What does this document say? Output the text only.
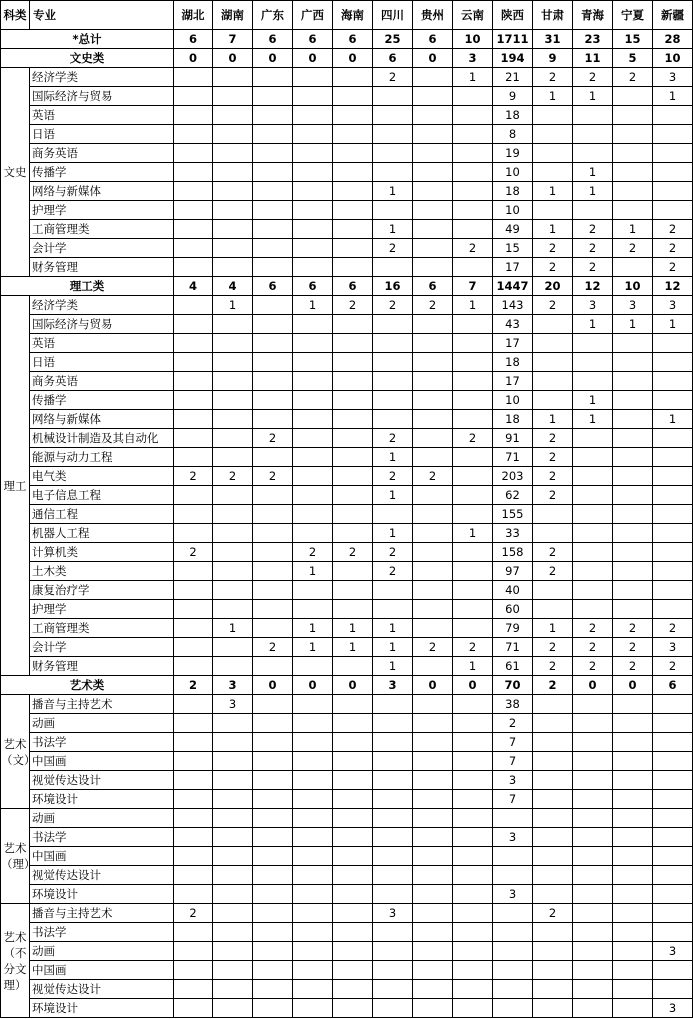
科类	专业	湖北	湖南	广东	广西	海南	四川	贵州	云南	陕西	甘肃	青海	宁夏	新疆
*总计		6	7	6	6	6	25	6	10	1711	31	23	15	28
文史类		0	0	0	0	0	6	0	3	194	9	11	5	10
文史	经济学类						2		1	21	2	2	2	3
	国际经济与贸易									9	1	1		1
	英语									18				
	日语									8				
	商务英语									19				
	传播学									10		1		
	网络与新媒体						1			18	1	1		
	护理学									10				
	工商管理类						1			49	1	2	1	2
	会计学						2		2	15	2	2	2	2
	财务管理									17	2	2		2
理工类		4	4	6	6	6	16	6	7	1447	20	12	10	12
理工	经济学类		1		1	2	2	2	1	143	2	3	3	3
	国际经济与贸易									43		1	1	1
	英语									17				
	日语									18				
	商务英语									17				
	传播学									10		1		
	网络与新媒体									18	1	1		1
	机械设计制造及其自动化			2			2		2	91	2			
	能源与动力工程						1			71	2			
	电气类	2	2	2			2	2		203	2			
	电子信息工程						1			62	2			
	通信工程									155				
	机器人工程						1		1	33				
	计算机类	2			2	2	2			158	2			
	土木类				1		2			97	2			
	康复治疗学									40				
	护理学									60				
	工商管理类		1		1	1	1			79	1	2	2	2
	会计学			2	1	1	1	2	2	71	2	2	2	3
	财务管理						1		1	61	2	2	2	2
艺术类		2	3	0	0	0	3	0	0	70	2	0	0	6
艺术（文）	播音与主持艺术		3							38				
	动画									2				
	书法学									7				
	中国画									7				
	视觉传达设计									3				
	环境设计									7				
艺术（理）	动画													
	书法学									3				
	中国画													
	视觉传达设计													
	环境设计									3				
艺术（不分文理）	播音与主持艺术	2					3				2			
	书法学													
	动画													3
	中国画													
	视觉传达设计													
	环境设计													3
